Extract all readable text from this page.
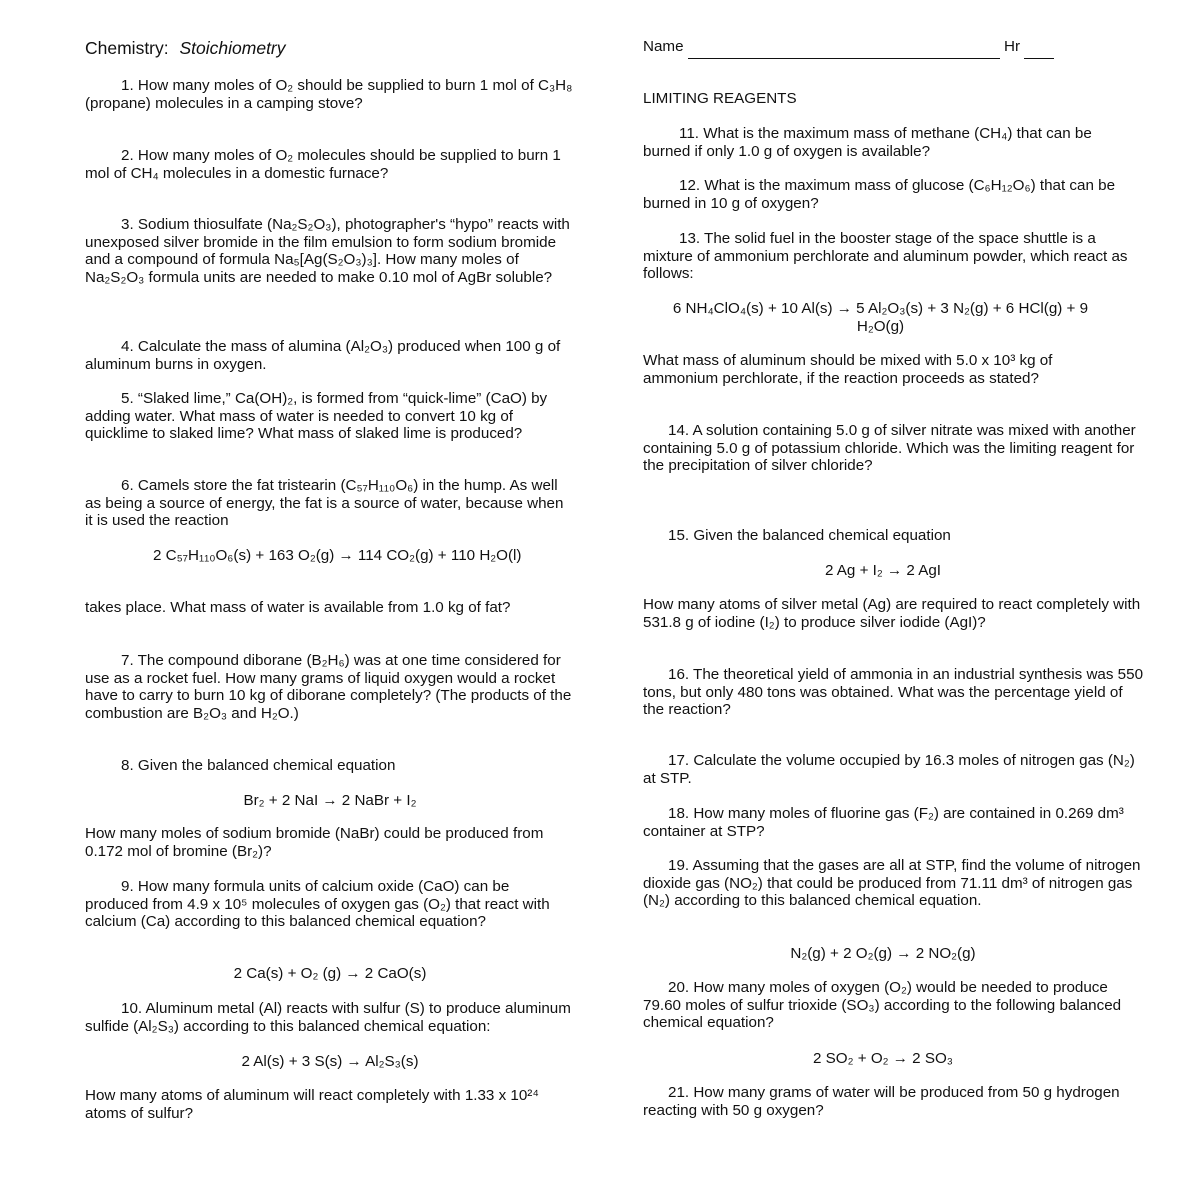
Chemistry: Stoichiometry

1. How many moles of O₂ should be supplied to burn 1 mol of C₃H₈ (propane) molecules in a camping stove?

2. How many moles of O₂ molecules should be supplied to burn 1 mol of CH₄ molecules in a domestic furnace?

3. Sodium thiosulfate (Na₂S₂O₃), photographer's “hypo” reacts with unexposed silver bromide in the film emulsion to form sodium bromide and a compound of formula Na₅[Ag(S₂O₃)₃]. How many moles of Na₂S₂O₃ formula units are needed to make 0.10 mol of AgBr soluble?

4. Calculate the mass of alumina (Al₂O₃) produced when 100 g of aluminum burns in oxygen.

5. “Slaked lime,” Ca(OH)₂, is formed from “quick-lime” (CaO) by adding water. What mass of water is needed to convert 10 kg of quicklime to slaked lime? What mass of slaked lime is produced?

6. Camels store the fat tristearin (C₅₇H₁₁₀O₆) in the hump. As well as being a source of energy, the fat is a source of water, because when it is used the reaction

2 C₅₇H₁₁₀O₆(s) + 163 O₂(g) → 114 CO₂(g) + 110 H₂O(l)

takes place. What mass of water is available from 1.0 kg of fat?

7. The compound diborane (B₂H₆) was at one time considered for use as a rocket fuel. How many grams of liquid oxygen would a rocket have to carry to burn 10 kg of diborane completely? (The products of the combustion are B₂O₃ and H₂O.)

8. Given the balanced chemical equation

Br₂ + 2 NaI → 2 NaBr + I₂

How many moles of sodium bromide (NaBr) could be produced from 0.172 mol of bromine (Br₂)?

9. How many formula units of calcium oxide (CaO) can be produced from 4.9 x 10⁵ molecules of oxygen gas (O₂) that react with calcium (Ca) according to this balanced chemical equation?

2 Ca(s) + O₂ (g) → 2 CaO(s)

10. Aluminum metal (Al) reacts with sulfur (S) to produce aluminum sulfide (Al₂S₃) according to this balanced chemical equation:

2 Al(s) + 3 S(s) → Al₂S₃(s)

How many atoms of aluminum will react completely with 1.33 x 10²⁴ atoms of sulfur?

Name	Hr
LIMITING REAGENTS

11. What is the maximum mass of methane (CH₄) that can be burned if only 1.0 g of oxygen is available?

12. What is the maximum mass of glucose (C₆H₁₂O₆) that can be burned in 10 g of oxygen?

13. The solid fuel in the booster stage of the space shuttle is a mixture of ammonium perchlorate and aluminum powder, which react as follows:

6 NH₄ClO₄(s) + 10 Al(s) → 5 Al₂O₃(s) + 3 N₂(g) + 6 HCl(g) + 9 H₂O(g)

What mass of aluminum should be mixed with 5.0 x 10³ kg of ammonium perchlorate, if the reaction proceeds as stated?

14. A solution containing 5.0 g of silver nitrate was mixed with another containing 5.0 g of potassium chloride. Which was the limiting reagent for the precipitation of silver chloride?

15. Given the balanced chemical equation

2 Ag + I₂ → 2 AgI

How many atoms of silver metal (Ag) are required to react completely with 531.8 g of iodine (I₂) to produce silver iodide (AgI)?

16. The theoretical yield of ammonia in an industrial synthesis was 550 tons, but only 480 tons was obtained. What was the percentage yield of the reaction?

17. Calculate the volume occupied by 16.3 moles of nitrogen gas (N₂) at STP.

18. How many moles of fluorine gas (F₂) are contained in 0.269 dm³ container at STP?

19. Assuming that the gases are all at STP, find the volume of nitrogen dioxide gas (NO₂) that could be produced from 71.11 dm³ of nitrogen gas (N₂) according to this balanced chemical equation.

N₂(g) + 2 O₂(g) → 2 NO₂(g)

20. How many moles of oxygen (O₂) would be needed to produce 79.60 moles of sulfur trioxide (SO₃) according to the following balanced chemical equation?

2 SO₂ + O₂ → 2 SO₃

21. How many grams of water will be produced from 50 g hydrogen reacting with 50 g oxygen?
